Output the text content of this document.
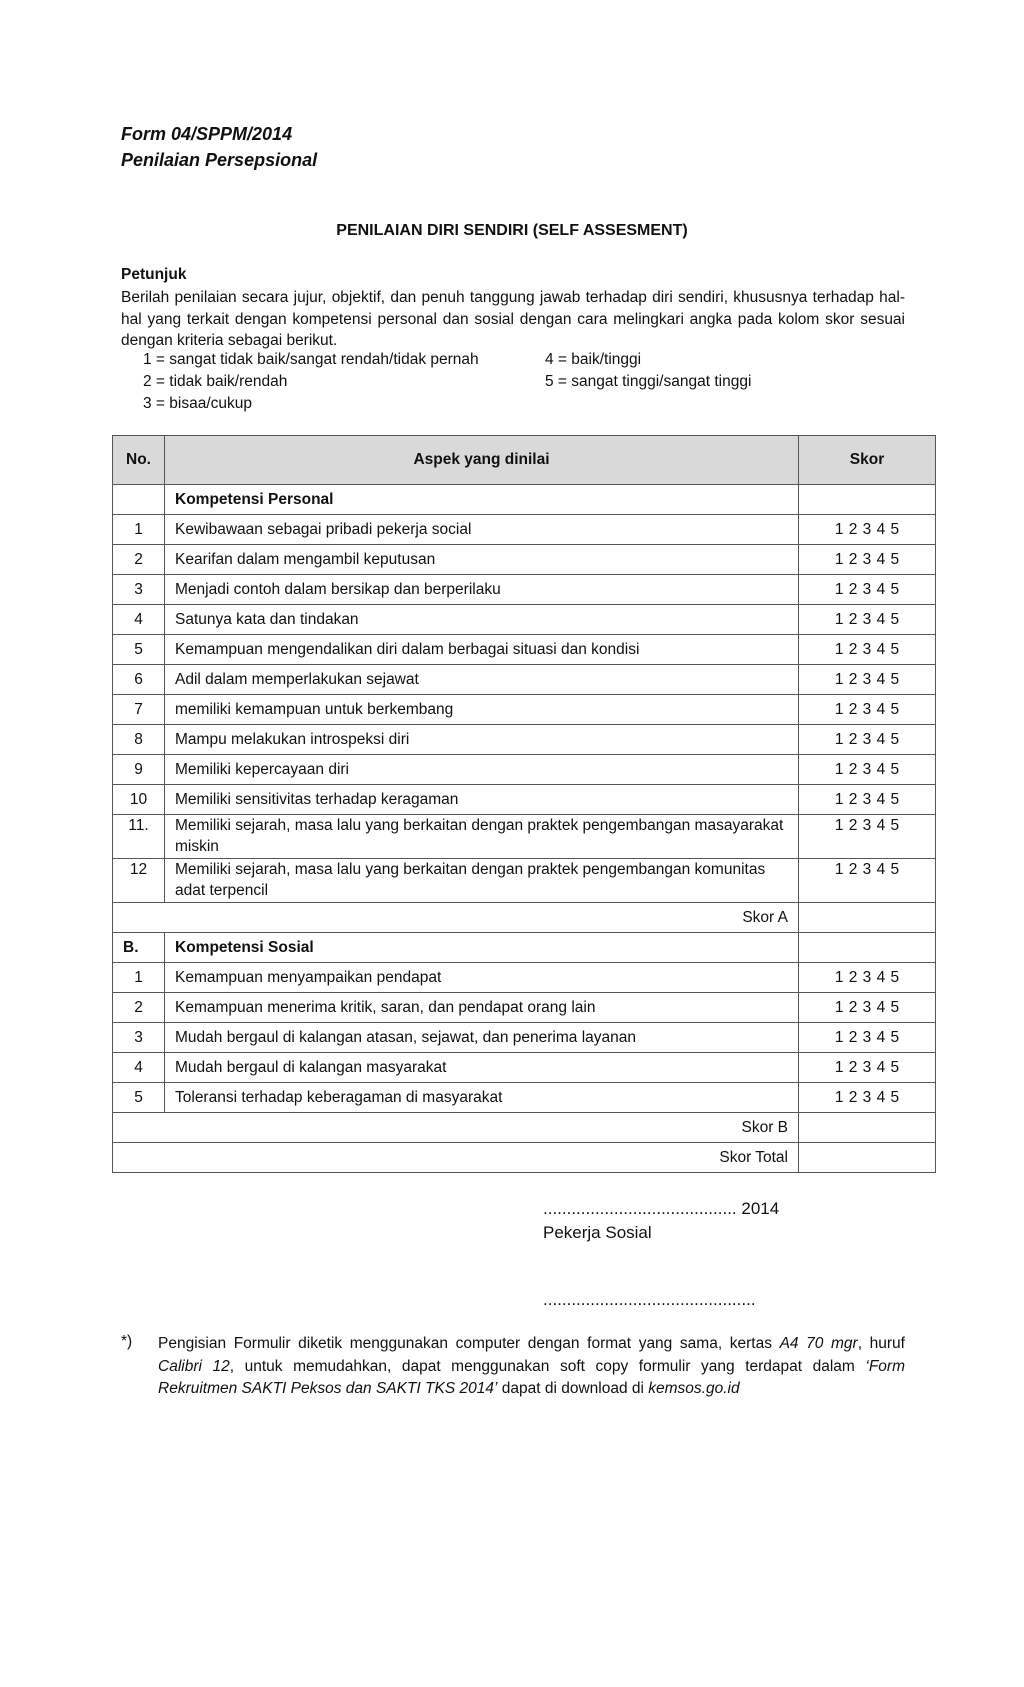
Form 04/SPPM/2014
Penilaian Persepsional
PENILAIAN DIRI SENDIRI (SELF ASSESMENT)
Petunjuk
Berilah penilaian secara jujur, objektif, dan penuh tanggung jawab terhadap diri sendiri, khususnya terhadap hal-hal yang terkait dengan kompetensi personal dan sosial dengan cara melingkari angka pada kolom skor sesuai dengan kriteria sebagai berikut.
1 = sangat tidak baik/sangat rendah/tidak pernah
2 = tidak baik/rendah
3 = bisaa/cukup
4 = baik/tinggi
5 = sangat tinggi/sangat tinggi
No.	Aspek yang dinilai	Skor
	Kompetensi Personal	
1	Kewibawaan sebagai pribadi pekerja social	1 2 3 4 5
2	Kearifan dalam mengambil keputusan	1 2 3 4 5
3	Menjadi contoh dalam bersikap dan berperilaku	1 2 3 4 5
4	Satunya kata dan tindakan	1 2 3 4 5
5	Kemampuan mengendalikan diri dalam berbagai situasi dan kondisi	1 2 3 4 5
6	Adil dalam memperlakukan sejawat	1 2 3 4 5
7	memiliki kemampuan untuk berkembang	1 2 3 4 5
8	Mampu melakukan introspeksi diri	1 2 3 4 5
9	Memiliki kepercayaan diri	1 2 3 4 5
10	Memiliki sensitivitas terhadap keragaman	1 2 3 4 5
11.	Memiliki sejarah, masa lalu yang berkaitan dengan praktek pengembangan masayarakat miskin	1 2 3 4 5
12	Memiliki sejarah, masa lalu yang berkaitan dengan praktek pengembangan komunitas adat terpencil	1 2 3 4 5
Skor A		
B.	Kompetensi Sosial	
1	Kemampuan menyampaikan pendapat	1 2 3 4 5
2	Kemampuan menerima kritik, saran, dan pendapat orang lain	1 2 3 4 5
3	Mudah bergaul di kalangan atasan, sejawat, dan penerima layanan	1 2 3 4 5
4	Mudah bergaul di kalangan masyarakat	1 2 3 4 5
5	Toleransi terhadap keberagaman di masyarakat	1 2 3 4 5
Skor B		
Skor Total		
......................................... 2014
Pekerja Sosial
.............................................
*) Pengisian Formulir diketik menggunakan computer dengan format yang sama, kertas A4 70 mgr, huruf Calibri 12, untuk memudahkan, dapat menggunakan soft copy formulir yang terdapat dalam ‘Form Rekruitmen SAKTI Peksos dan SAKTI TKS 2014’ dapat di download di kemsos.go.id
